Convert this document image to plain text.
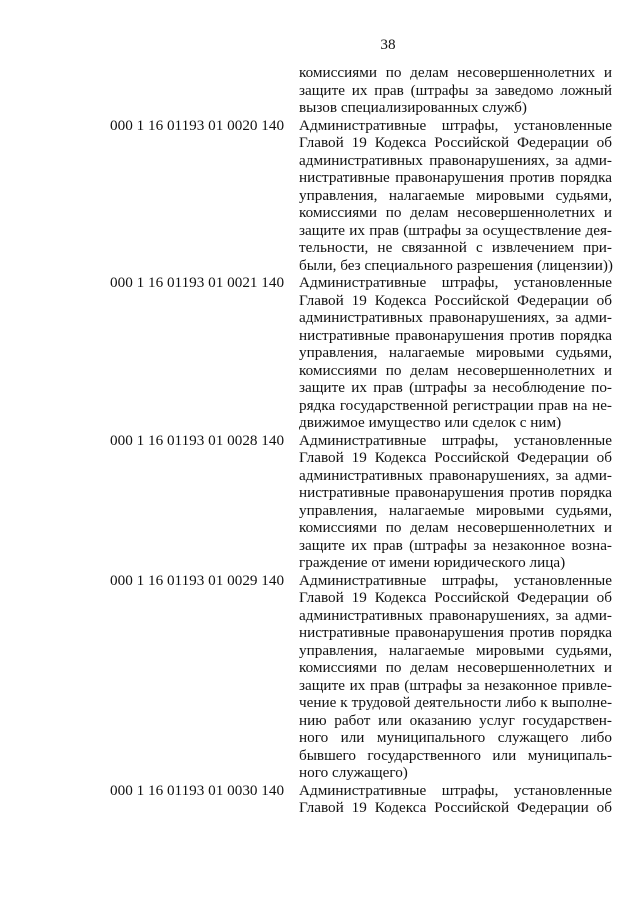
38
комиссиями по делам несовершеннолетних и
защите их прав (штрафы за заведомо ложный
вызов специализированных служб)
000 1 16 01193 01 0020 140 Административные штрафы, установленные
Главой 19 Кодекса Российской Федерации об
административных правонарушениях, за адми-
нистративные правонарушения против порядка
управления, налагаемые мировыми судьями,
комиссиями по делам несовершеннолетних и
защите их прав (штрафы за осуществление дея-
тельности, не связанной с извлечением при-
были, без специального разрешения (лицензии))
000 1 16 01193 01 0021 140 Административные штрафы, установленные
Главой 19 Кодекса Российской Федерации об
административных правонарушениях, за адми-
нистративные правонарушения против порядка
управления, налагаемые мировыми судьями,
комиссиями по делам несовершеннолетних и
защите их прав (штрафы за несоблюдение по-
рядка государственной регистрации прав на не-
движимое имущество или сделок с ним)
000 1 16 01193 01 0028 140 Административные штрафы, установленные
Главой 19 Кодекса Российской Федерации об
административных правонарушениях, за адми-
нистративные правонарушения против порядка
управления, налагаемые мировыми судьями,
комиссиями по делам несовершеннолетних и
защите их прав (штрафы за незаконное возна-
граждение от имени юридического лица)
000 1 16 01193 01 0029 140 Административные штрафы, установленные
Главой 19 Кодекса Российской Федерации об
административных правонарушениях, за адми-
нистративные правонарушения против порядка
управления, налагаемые мировыми судьями,
комиссиями по делам несовершеннолетних и
защите их прав (штрафы за незаконное привле-
чение к трудовой деятельности либо к выполне-
нию работ или оказанию услуг государствен-
ного или муниципального служащего либо
бывшего государственного или муниципаль-
ного служащего)
000 1 16 01193 01 0030 140 Административные штрафы, установленные
Главой 19 Кодекса Российской Федерации об
